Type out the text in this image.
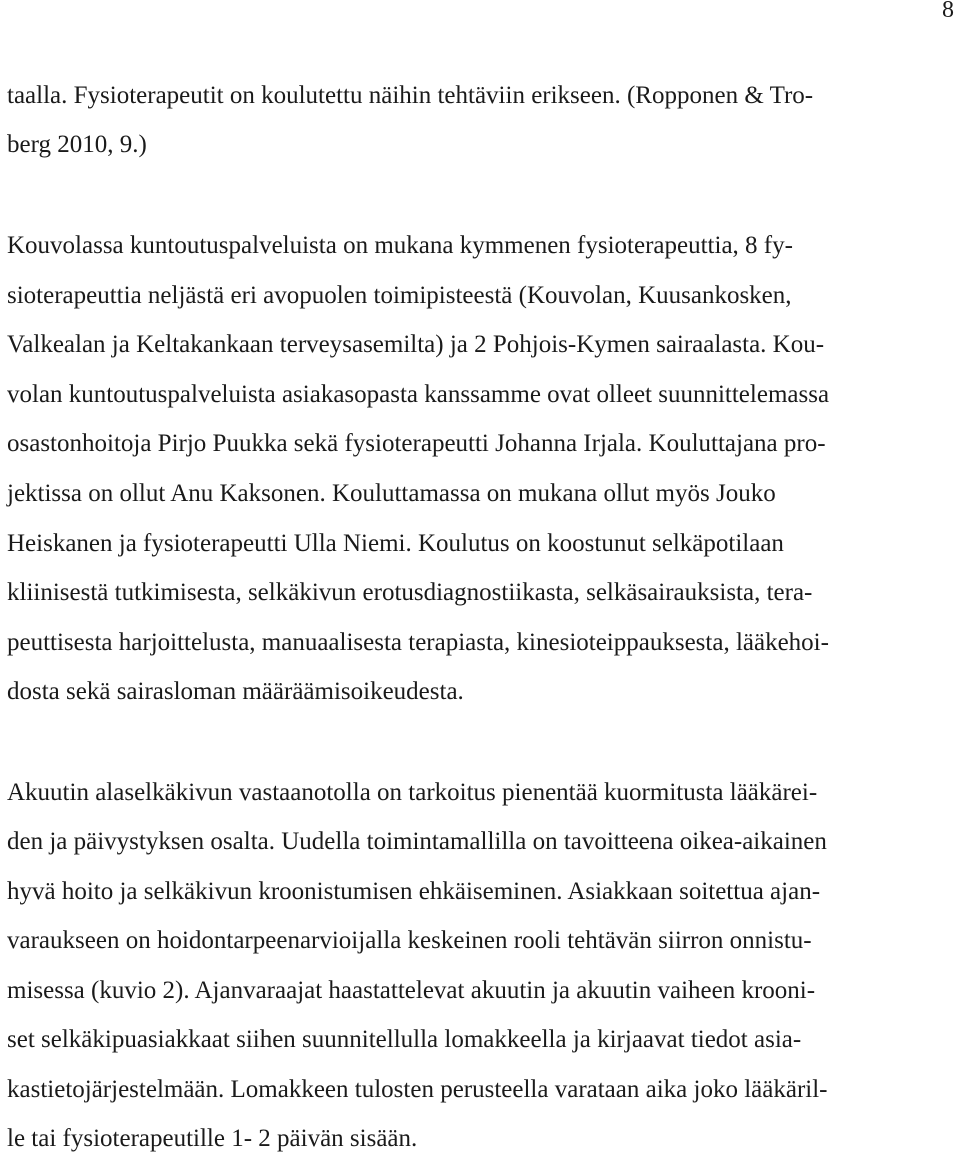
8
taalla. Fysioterapeutit on koulutettu näihin tehtäviin erikseen. (Ropponen & Tro-
berg 2010, 9.)
Kouvolassa kuntoutuspalveluista on mukana kymmenen fysioterapeuttia, 8 fy-
sioterapeuttia neljästä eri avopuolen toimipisteestä (Kouvolan, Kuusankosken,
Valkealan ja Keltakankaan terveysasemilta) ja 2 Pohjois-Kymen sairaalasta. Kou-
volan kuntoutuspalveluista asiakasopasta kanssamme ovat olleet suunnittelemassa
osastonhoitoja Pirjo Puukka sekä fysioterapeutti Johanna Irjala. Kouluttajana pro-
jektissa on ollut Anu Kaksonen. Kouluttamassa on mukana ollut myös Jouko
Heiskanen ja fysioterapeutti Ulla Niemi. Koulutus on koostunut selkäpotilaan
kliinisestä tutkimisesta, selkäkivun erotusdiagnostiikasta, selkäsairauksista, tera-
peuttisesta harjoittelusta, manuaalisesta terapiasta, kinesioteippauksesta, lääkehoi-
dosta sekä sairasloman määräämisoikeudesta.
Akuutin alaselkäkivun vastaanotolla on tarkoitus pienentää kuormitusta lääkärei-
den ja päivystyksen osalta. Uudella toimintamallilla on tavoitteena oikea-aikainen
hyvä hoito ja selkäkivun kroonistumisen ehkäiseminen. Asiakkaan soitettua ajan-
varaukseen on hoidontarpeenarvioijalla keskeinen rooli tehtävän siirron onnistu-
misessa (kuvio 2). Ajanvaraajat haastattelevat akuutin ja akuutin vaiheen krooni-
set selkäkipuasiakkaat siihen suunnitellulla lomakkeella ja kirjaavat tiedot asia-
kastietojärjestelmään. Lomakkeen tulosten perusteella varataan aika joko lääkäril-
le tai fysioterapeutille 1- 2 päivän sisään.
